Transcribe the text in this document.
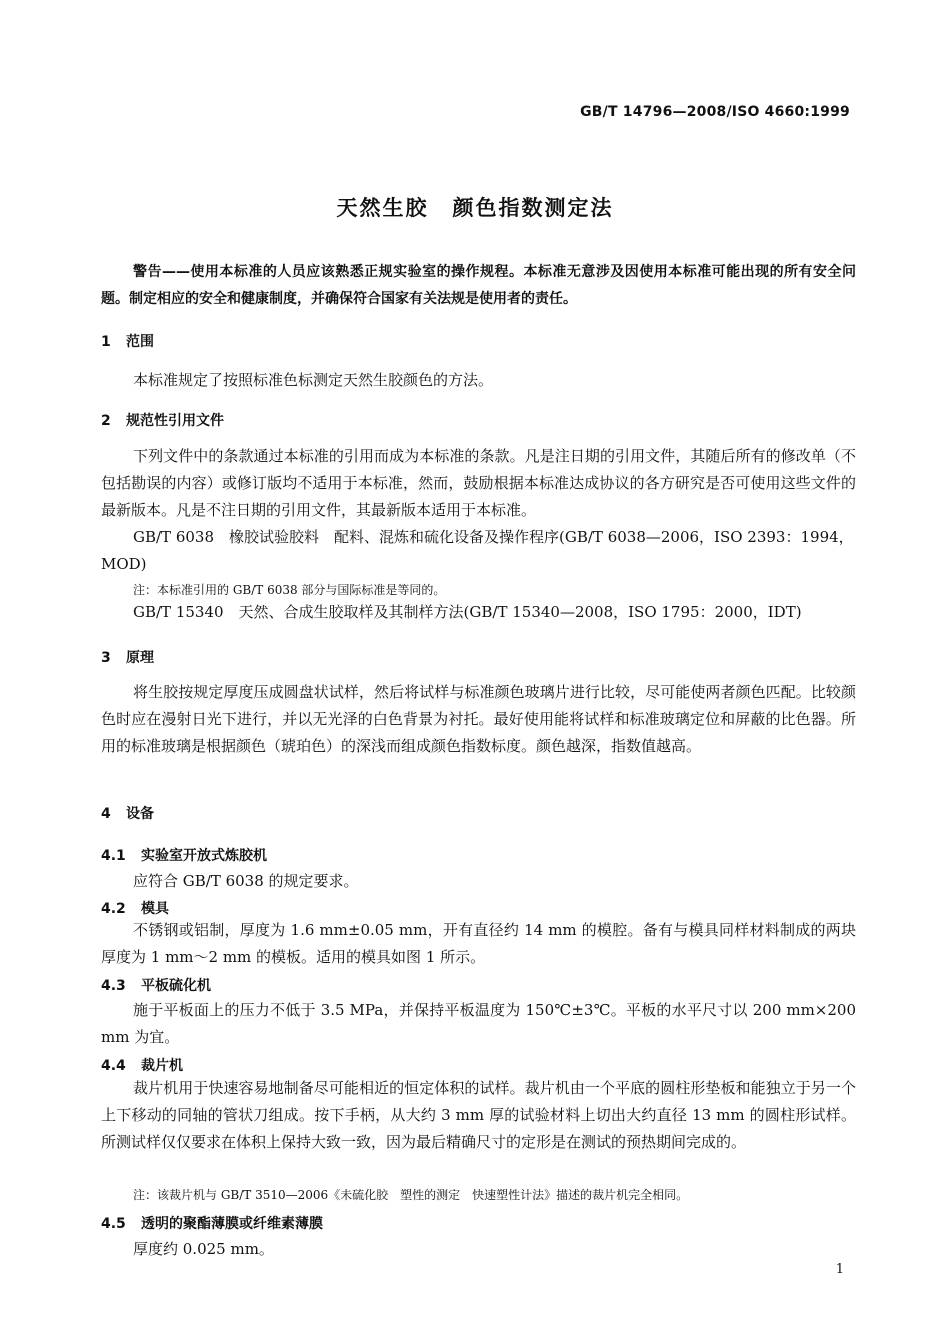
GB/T 14796—2008/ISO 4660:1999
天然生胶 颜色指数测定法
警告——使用本标准的人员应该熟悉正规实验室的操作规程。本标准无意涉及因使用本标准可能出现的所有安全问题。制定相应的安全和健康制度，并确保符合国家有关法规是使用者的责任。
1 范围
本标准规定了按照标准色标测定天然生胶颜色的方法。
2 规范性引用文件
下列文件中的条款通过本标准的引用而成为本标准的条款。凡是注日期的引用文件，其随后所有的修改单（不包括勘误的内容）或修订版均不适用于本标准，然而，鼓励根据本标准达成协议的各方研究是否可使用这些文件的最新版本。凡是不注日期的引用文件，其最新版本适用于本标准。
GB/T 6038　橡胶试验胶料　配料、混炼和硫化设备及操作程序(GB/T 6038—2006，ISO 2393：1994，MOD)
注：本标准引用的 GB/T 6038 部分与国际标准是等同的。
GB/T 15340　天然、合成生胶取样及其制样方法(GB/T 15340—2008，ISO 1795：2000，IDT)
3 原理
将生胶按规定厚度压成圆盘状试样，然后将试样与标准颜色玻璃片进行比较，尽可能使两者颜色匹配。比较颜色时应在漫射日光下进行，并以无光泽的白色背景为衬托。最好使用能将试样和标准玻璃定位和屏蔽的比色器。所用的标准玻璃是根据颜色（琥珀色）的深浅而组成颜色指数标度。颜色越深，指数值越高。
4 设备
4.1 实验室开放式炼胶机
应符合 GB/T 6038 的规定要求。
4.2 模具
不锈钢或铝制，厚度为 1.6 mm±0.05 mm，开有直径约 14 mm 的模腔。备有与模具同样材料制成的两块厚度为 1 mm～2 mm 的模板。适用的模具如图 1 所示。
4.3 平板硫化机
施于平板面上的压力不低于 3.5 MPa，并保持平板温度为 150℃±3℃。平板的水平尺寸以 200 mm×200 mm 为宜。
4.4 裁片机
裁片机用于快速容易地制备尽可能相近的恒定体积的试样。裁片机由一个平底的圆柱形垫板和能独立于另一个上下移动的同轴的管状刀组成。按下手柄，从大约 3 mm 厚的试验材料上切出大约直径 13 mm 的圆柱形试样。所测试样仅仅要求在体积上保持大致一致，因为最后精确尺寸的定形是在测试的预热期间完成的。
注：该裁片机与 GB/T 3510—2006《未硫化胶　塑性的测定　快速塑性计法》描述的裁片机完全相同。
4.5 透明的聚酯薄膜或纤维素薄膜
厚度约 0.025 mm。
1
